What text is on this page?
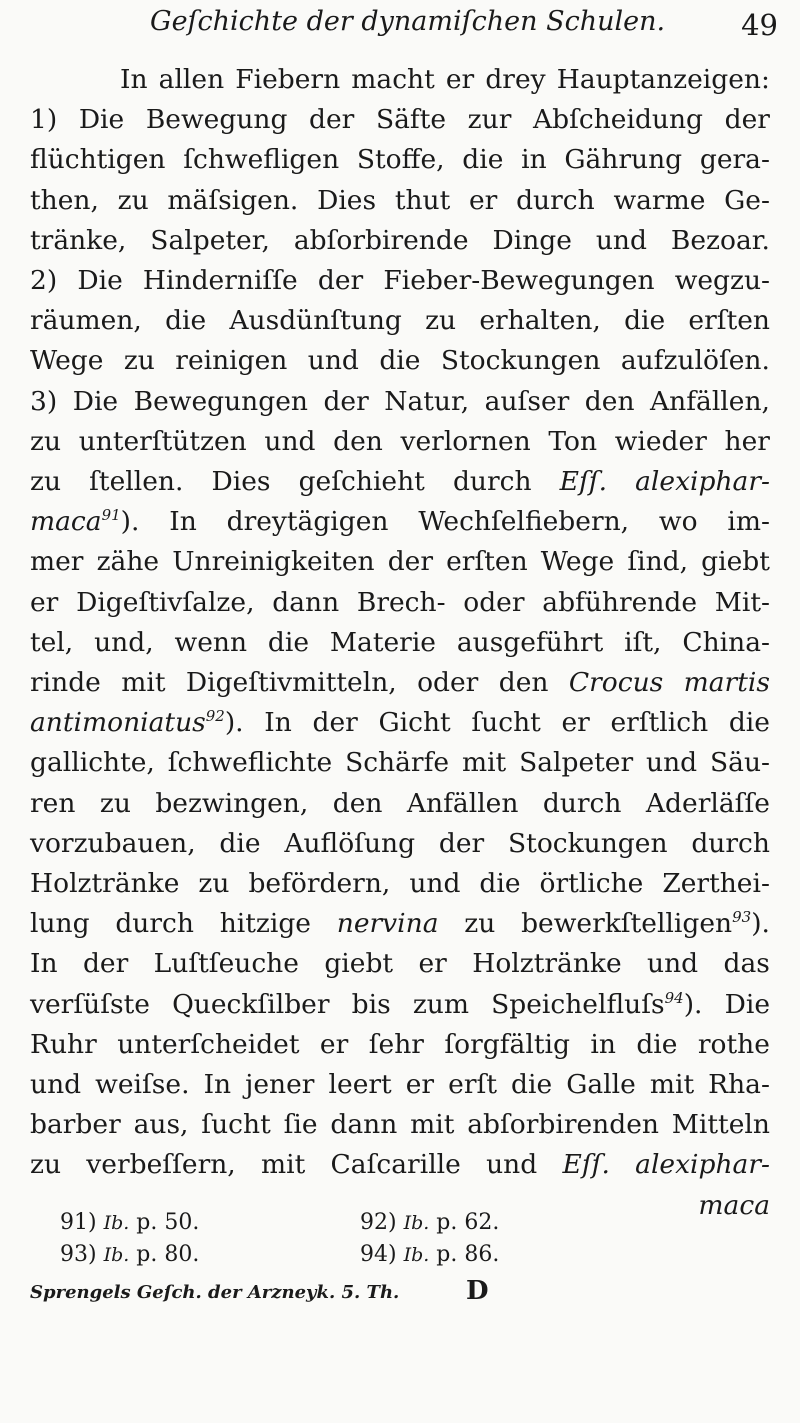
Geſchichte der dynamiſchen Schulen.	49
In allen Fiebern macht er drey Hauptanzeigen:
1) Die Bewegung der Säfte zur Abſcheidung der
flüchtigen ſchwefligen Stoffe, die in Gährung gera-
then, zu mäſsigen. Dies thut er durch warme Ge-
tränke, Salpeter, abſorbirende Dinge und Bezoar.
2) Die Hinderniſſe der Fieber-Bewegungen wegzu-
räumen, die Ausdünſtung zu erhalten, die erſten
Wege zu reinigen und die Stockungen aufzulöſen.
3) Die Bewegungen der Natur, auſser den Anfällen,
zu unterſtützen und den verlornen Ton wieder her
zu ſtellen. Dies geſchieht durch Eſſ. alexiphar-
maca$^{91}$). In dreytägigen Wechſelfiebern, wo im-
mer zähe Unreinigkeiten der erſten Wege ſind, giebt
er Digeſtivſalze, dann Brech- oder abführende Mit-
tel, und, wenn die Materie ausgeführt iſt, China-
rinde mit Digeſtivmitteln, oder den Crocus martis
antimoniatus$^{92}$). In der Gicht ſucht er erſtlich die
gallichte, ſchweflichte Schärfe mit Salpeter und Säu-
ren zu bezwingen, den Anfällen durch Aderläſſe
vorzubauen, die Auflöſung der Stockungen durch
Holztränke zu befördern, und die örtliche Zerthei-
lung durch hitzige nervina zu bewerkſtelligen$^{93}$).
In der Luſtſeuche giebt er Holztränke und das
verſüſste Queckſilber bis zum Speichelfluſs$^{94}$). Die
Ruhr unterſcheidet er ſehr ſorgfältig in die rothe
und weiſse. In jener leert er erſt die Galle mit Rha-
barber aus, ſucht ſie dann mit abſorbirenden Mitteln
zu verbeſſern, mit Caſcarille und Eſſ. alexiphar-
maca
91) Ib. p. 50.	92) Ib. p. 62.
93) Ib. p. 80.	94) Ib. p. 86.
Sprengels Geſch. der Arzneyk. 5. Th.	D
